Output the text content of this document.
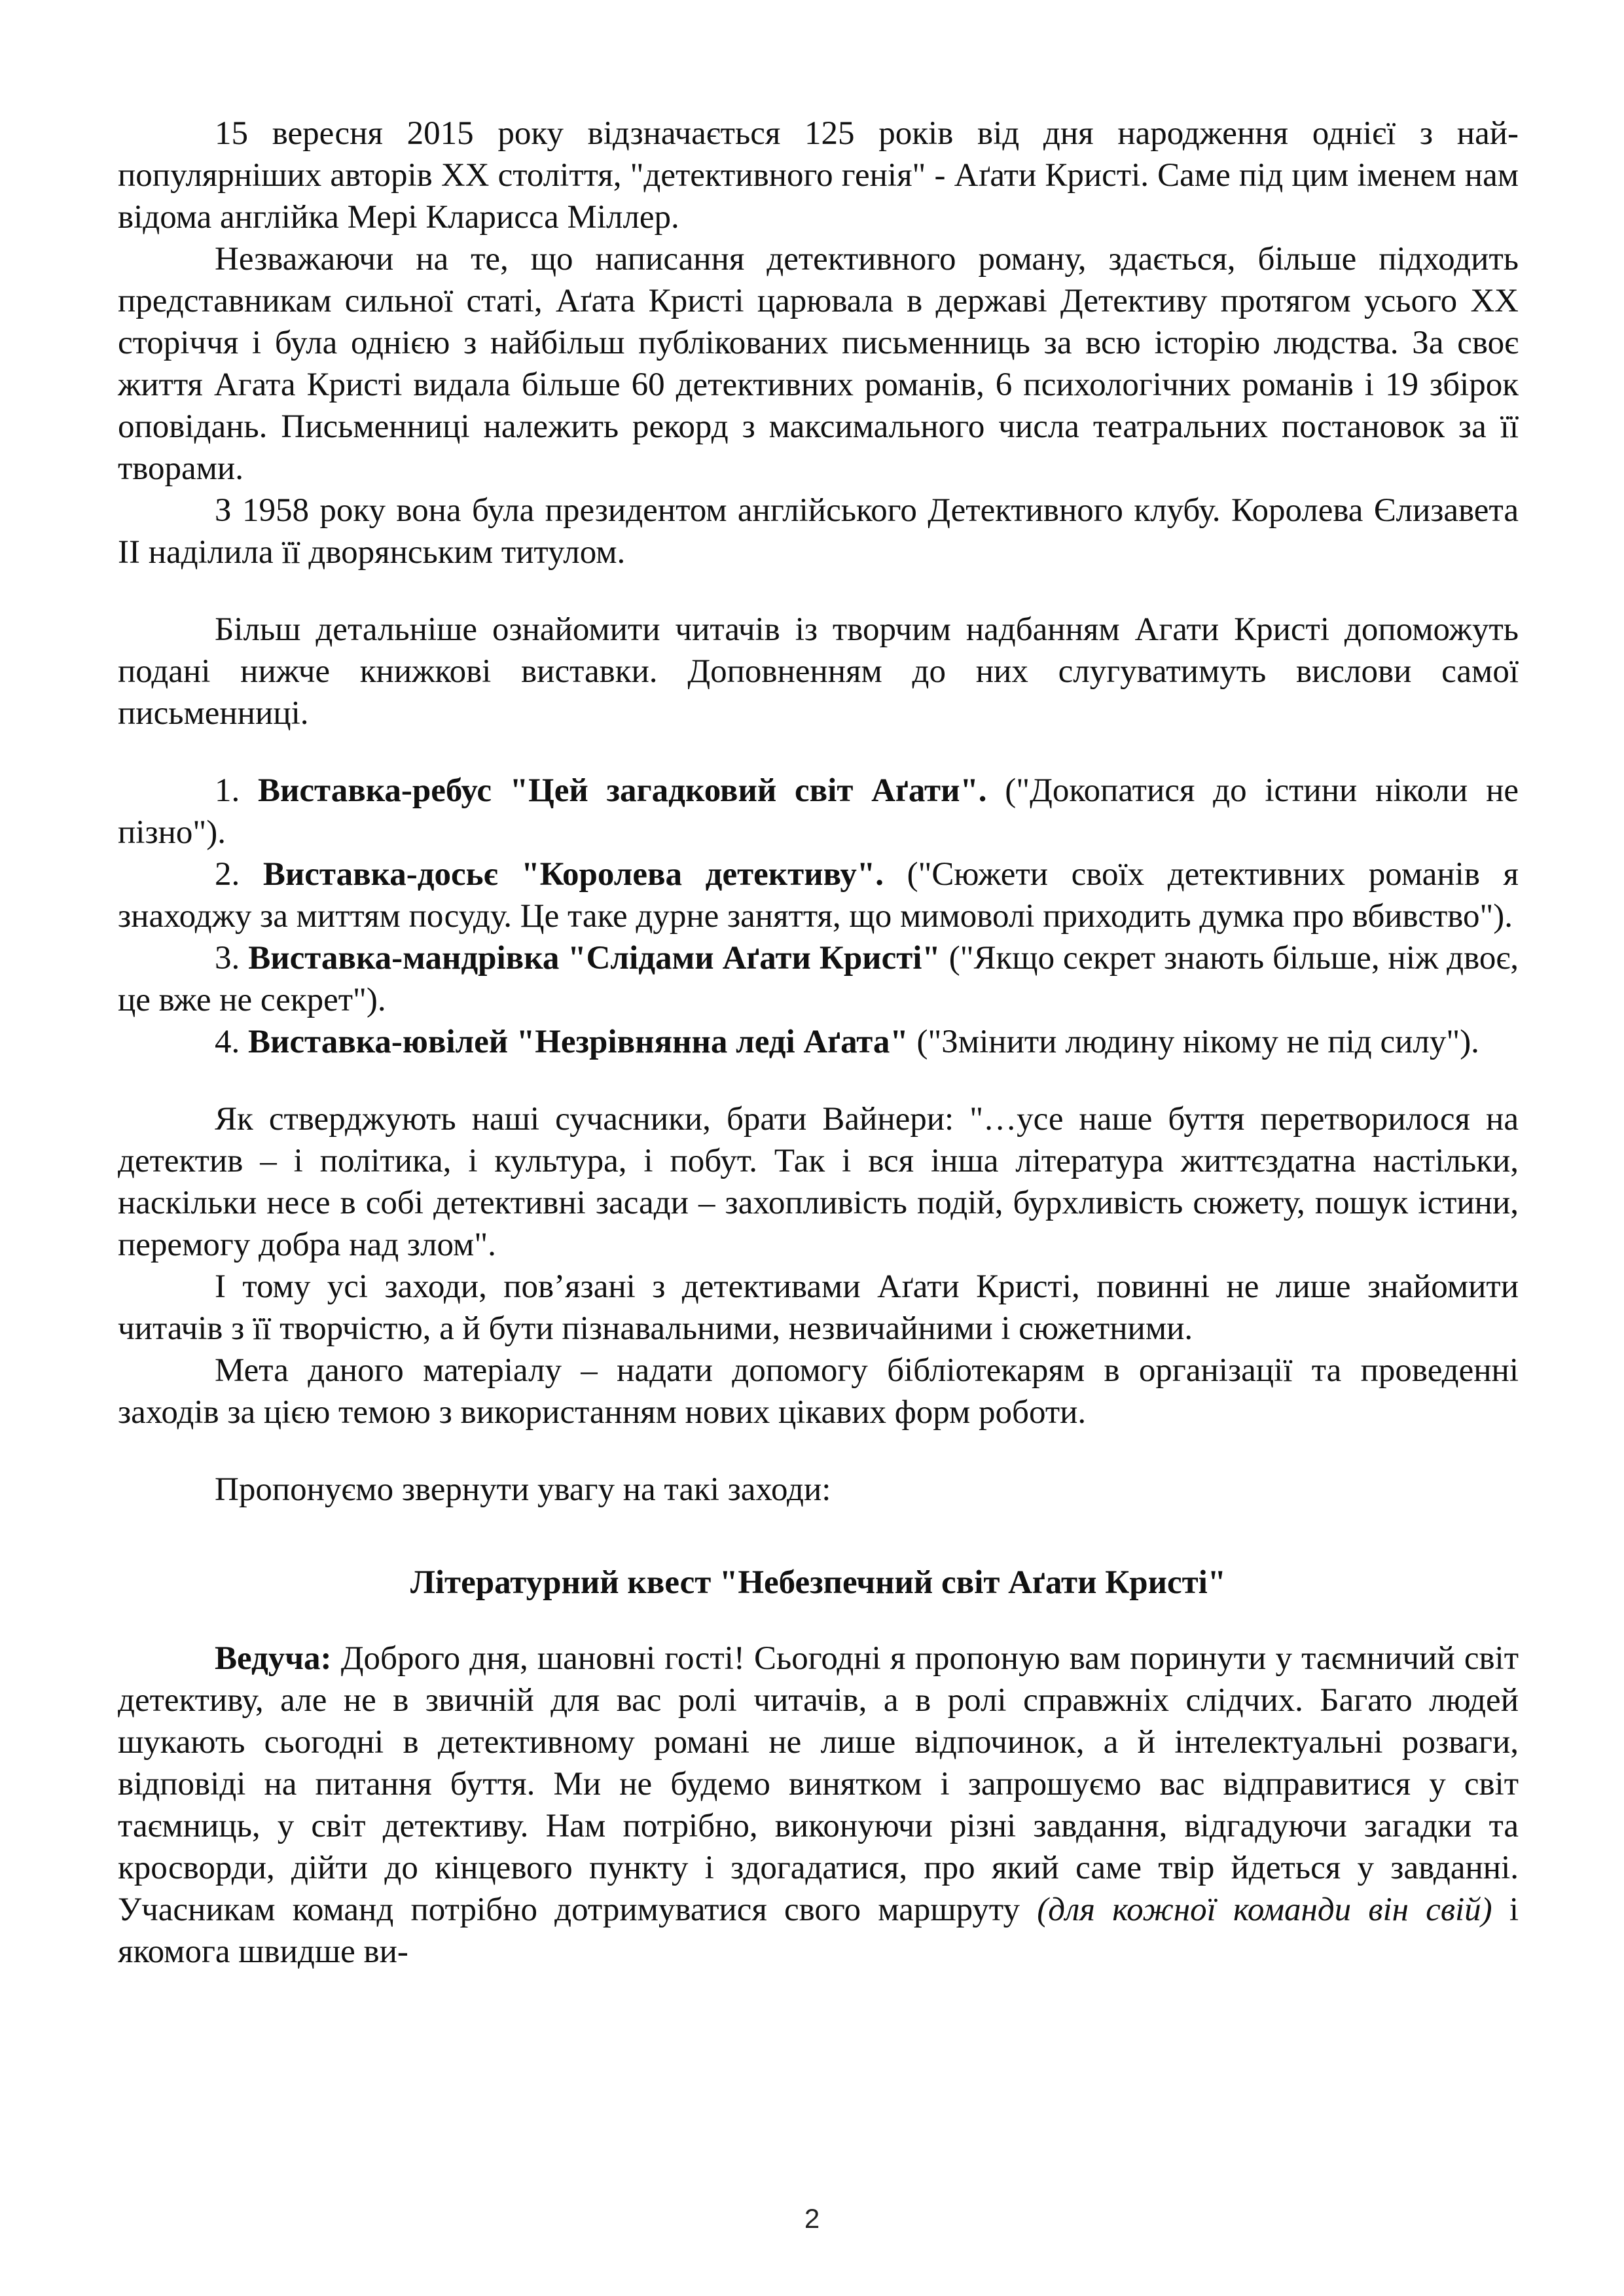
15 вересня 2015 року відзначається 125 років від дня народження однієї з найпопулярніших авторів ХХ століття, "детективного генія" - Аґати Кристі. Саме під цим іменем нам відома англійка Мері Кларисса Міллер.

Незважаючи на те, що написання детективного роману, здається, більше підходить представникам сильної статі, Аґата Кристі царювала в державі Детективу протягом усього ХХ сторіччя і була однією з найбільш публікованих письменниць за всю історію людства. За своє життя Агата Кристі видала більше 60 детективних романів, 6 психологічних романів і 19 збірок оповідань. Письменниці належить рекорд з максимального числа театральних постановок за її творами.

З 1958 року вона була президентом англійського Детективного клубу. Королева Єлизавета ІІ наділила її дворянським титулом.

Більш детальніше ознайомити читачів із творчим надбанням Агати Кристі допоможуть подані нижче книжкові виставки. Доповненням до них слугуватимуть вислови самої письменниці.

1. Виставка-ребус "Цей загадковий світ Аґати". ("Докопатися до істини ніколи не пізно").

2. Виставка-досьє "Королева детективу". ("Сюжети своїх детективних романів я знаходжу за миттям посуду. Це таке дурне заняття, що мимоволі приходить думка про вбивство").

3. Виставка-мандрівка "Слідами Аґати Кристі" ("Якщо секрет знають більше, ніж двоє, це вже не секрет").

4. Виставка-ювілей "Незрівнянна леді Аґата" ("Змінити людину нікому не під силу").

Як стверджують наші сучасники, брати Вайнери: "…усе наше буття перетворилося на детектив – і політика, і культура, і побут. Так і вся інша література життєздатна настільки, наскільки несе в собі детективні засади – захопливість подій, бурхливість сюжету, пошук істини, перемогу добра над злом".

І тому усі заходи, пов’язані з детективами Аґати Кристі, повинні не лише знайомити читачів з її творчістю, а й бути пізнавальними, незвичайними і сюжетними.

Мета даного матеріалу – надати допомогу бібліотекарям в організації та проведенні заходів за цією темою з використанням нових цікавих форм роботи.

Пропонуємо звернути увагу на такі заходи:

Літературний квест "Небезпечний світ Аґати Кристі"

Ведуча: Доброго дня, шановні гості! Сьогодні я пропоную вам поринути у таємничий світ детективу, але не в звичній для вас ролі читачів, а в ролі справжніх слідчих. Багато людей шукають сьогодні в детективному романі не лише відпочинок, а й інтелектуальні розваги, відповіді на питання буття. Ми не будемо винятком і запрошуємо вас відправитися у світ таємниць, у світ детективу. Нам потрібно, виконуючи різні завдання, відгадуючи загадки та кросворди, дійти до кінцевого пункту і здогадатися, про який саме твір йдеться у завданні. Учасникам команд потрібно дотримуватися свого маршруту (для кожної команди він свій) і якомога швидше ви-

2
